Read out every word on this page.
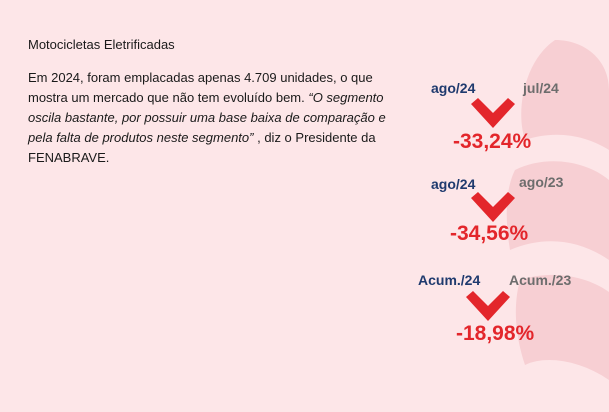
Motocicletas Eletrificadas

Em 2024, foram emplacadas apenas 4.709 unidades, o que mostra um mercado que não tem evoluído bem. “O segmento oscila bastante, por possuir uma base baixa de comparação e pela falta de produtos neste segmento” , diz o Presidente da FENABRAVE.

ago/24	jul/24
-33,24%
ago/24	ago/23
-34,56%
Acum./24 Acum./23
-18,98%
